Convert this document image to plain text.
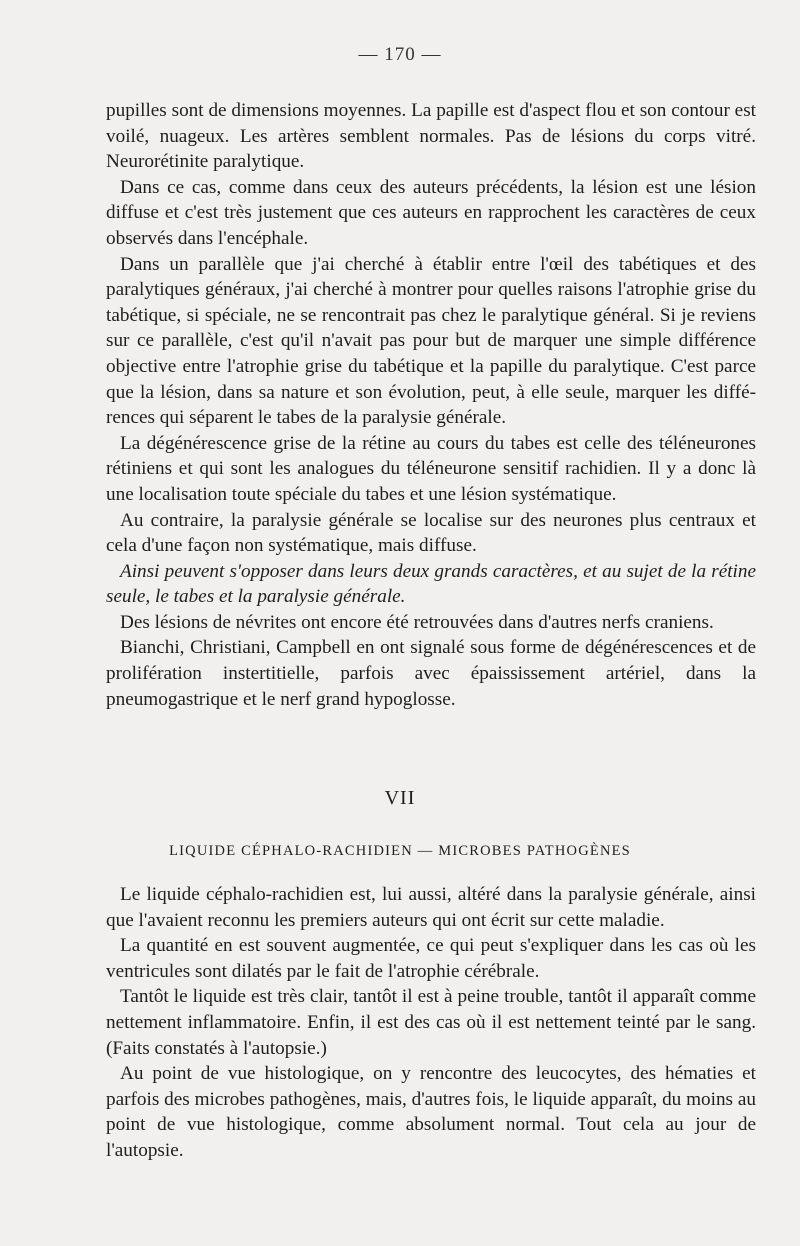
— 170 —

pupilles sont de dimensions moyennes. La papille est d'aspect flou et son contour est voilé, nuageux. Les artères semblent normales. Pas de lésions du corps vitré. Neurorétinite paralytique.

Dans ce cas, comme dans ceux des auteurs précédents, la lésion est une lésion diffuse et c'est très justement que ces auteurs en rapprochent les caractères de ceux observés dans l'encéphale.

Dans un parallèle que j'ai cherché à établir entre l'œil des tabétiques et des paralytiques généraux, j'ai cherché à montrer pour quelles raisons l'atrophie grise du tabétique, si spéciale, ne se rencontrait pas chez le paralytique général. Si je reviens sur ce parallèle, c'est qu'il n'avait pas pour but de marquer une simple différence objective entre l'atrophie grise du tabétique et la papille du paralytique. C'est parce que la lésion, dans sa nature et son évolution, peut, à elle seule, marquer les différences qui séparent le tabes de la paralysie générale.

La dégénérescence grise de la rétine au cours du tabes est celle des téléneurones rétiniens et qui sont les analogues du téléneurone sensitif rachidien. Il y a donc là une localisation toute spéciale du tabes et une lésion systématique.

Au contraire, la paralysie générale se localise sur des neurones plus centraux et cela d'une façon non systématique, mais diffuse.

Ainsi peuvent s'opposer dans leurs deux grands caractères, et au sujet de la rétine seule, le tabes et la paralysie générale.

Des lésions de névrites ont encore été retrouvées dans d'autres nerfs craniens.

Bianchi, Christiani, Campbell en ont signalé sous forme de dégénérescences et de prolifération instertitielle, parfois avec épaississement artériel, dans la pneumogastrique et le nerf grand hypoglosse.

VII
LIQUIDE CÉPHALO-RACHIDIEN — MICROBES PATHOGÈNES

Le liquide céphalo-rachidien est, lui aussi, altéré dans la paralysie générale, ainsi que l'avaient reconnu les premiers auteurs qui ont écrit sur cette maladie.

La quantité en est souvent augmentée, ce qui peut s'expliquer dans les cas où les ventricules sont dilatés par le fait de l'atrophie cérébrale.

Tantôt le liquide est très clair, tantôt il est à peine trouble, tantôt il apparaît comme nettement inflammatoire. Enfin, il est des cas où il est nettement teinté par le sang. (Faits constatés à l'autopsie.)

Au point de vue histologique, on y rencontre des leucocytes, des hématies et parfois des microbes pathogènes, mais, d'autres fois, le liquide apparaît, du moins au point de vue histologique, comme absolument normal. Tout cela au jour de l'autopsie.
